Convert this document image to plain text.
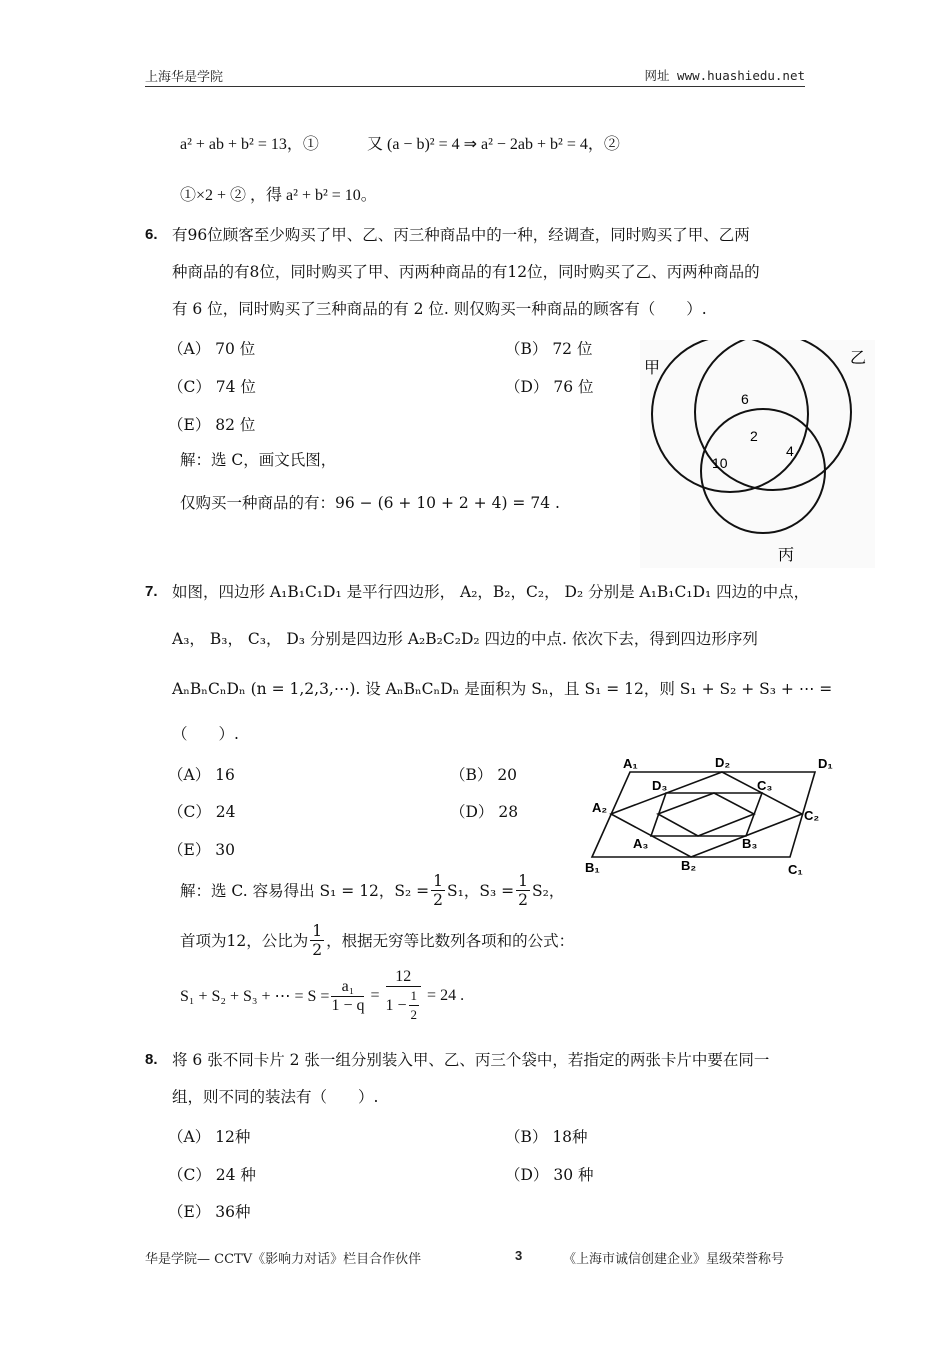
上海华是学院	网址 www.huashiedu.net
a² + ab + b² = 13，①	又 (a − b)² = 4 ⇒ a² − 2ab + b² = 4，②
①×2 + ② ，得 a² + b² = 10。
6. 有96位顾客至少购买了甲、乙、丙三种商品中的一种，经调查，同时购买了甲、乙两
种商品的有8位，同时购买了甲、丙两种商品的有12位，同时购买了乙、丙两种商品的
有 6 位，同时购买了三种商品的有 2 位. 则仅购买一种商品的顾客有（　　）.
（A） 70 位	（B） 72 位
（C） 74 位	（D） 76 位
（E） 82 位
解：选 C，画文氏图，
仅购买一种商品的有：96 − (6 + 10 + 2 + 4) = 74 .
甲
乙
丙
6
2
4
10
7. 如图，四边形 A₁B₁C₁D₁ 是平行四边形， A₂，B₂，C₂， D₂ 分别是 A₁B₁C₁D₁ 四边的中点，
A₃， B₃， C₃， D₃ 分别是四边形 A₂B₂C₂D₂ 四边的中点. 依次下去，得到四边形序列
AₙBₙCₙDₙ (n = 1,2,3,⋯). 设 AₙBₙCₙDₙ 是面积为 Sₙ，且 S₁ = 12，则 S₁ + S₂ + S₃ + ⋯ =
（　　）.
（A） 16	（B） 20
（C） 24	（D） 28
（E） 30
A₁	D₂	D₁
D₃	C₃
A₂
C₂
A₃	B₃
B₁	B₂	C₁
解：选 C. 容易得出 S₁ = 12，$S_2 = \frac{1}{2} S_1$，$S_3 = \frac{1}{2} S_2$，
首项为12，公比为 $\frac{1}{2}$ ，根据无穷等比数列各项和的公式：
S₁ + S₂ + S₃ + ⋯ = $S = \frac{\text{a₁}}{1 - q} = \frac{12}{1 - \frac{1}{2}} = 24$ .
8. 将 6 张不同卡片 2 张一组分别装入甲、乙、丙三个袋中，若指定的两张卡片中要在同一
组，则不同的装法有（　　）.
（A） 12种	（B） 18种
（C） 24 种	（D） 30 种
（E） 36种
华是学院— CCTV《影响力对话》栏目合作伙伴	3	《上海市诚信创建企业》星级荣誉称号
